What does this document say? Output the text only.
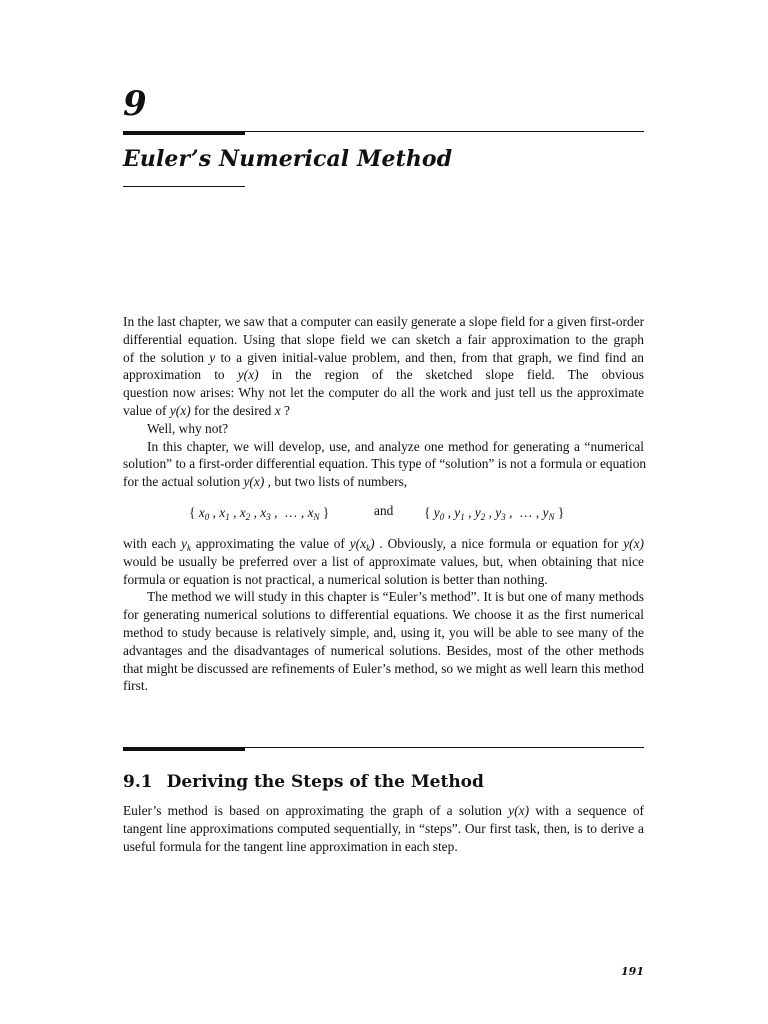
9
Euler’s Numerical Method
In the last chapter, we saw that a computer can easily generate a slope field for a given first-order
differential equation. Using that slope field we can sketch a fair approximation to the graph
of the solution y to a given initial-value problem, and then, from that graph, we find find an
approximation to y(x) in the region of the sketched slope field. The obvious
question now arises: Why not let the computer do all the work and just tell us the approximate
value of y(x) for the desired x ?
Well, why not?
In this chapter, we will develop, use, and analyze one method for generating a “numerical
solution” to a first-order differential equation. This type of “solution” is not a formula or equation
for the actual solution y(x) , but two lists of numbers,
{ $x_0$ , $x_1$ , $x_2$ , $x_3$ ,  … , $x_N$ }	and { $y_0$ , $y_1$ , $y_2$ , $y_3$ ,  … , $y_N$ }
with each $y_k$ approximating the value of $y(x_k)$ . Obviously, a nice formula or equation for y(x)
would be usually be preferred over a list of approximate values, but, when obtaining that nice
formula or equation is not practical, a numerical solution is better than nothing.
The method we will study in this chapter is “Euler’s method”. It is but one of many methods
for generating numerical solutions to differential equations. We choose it as the first numerical
method to study because is relatively simple, and, using it, you will be able to see many of the
advantages and the disadvantages of numerical solutions. Besides, most of the other methods
that might be discussed are refinements of Euler’s method, so we might as well learn this method
first.
9.1 Deriving the Steps of the Method
Euler’s method is based on approximating the graph of a solution y(x) with a sequence of
tangent line approximations computed sequentially, in “steps”. Our first task, then, is to derive a
useful formula for the tangent line approximation in each step.
191
